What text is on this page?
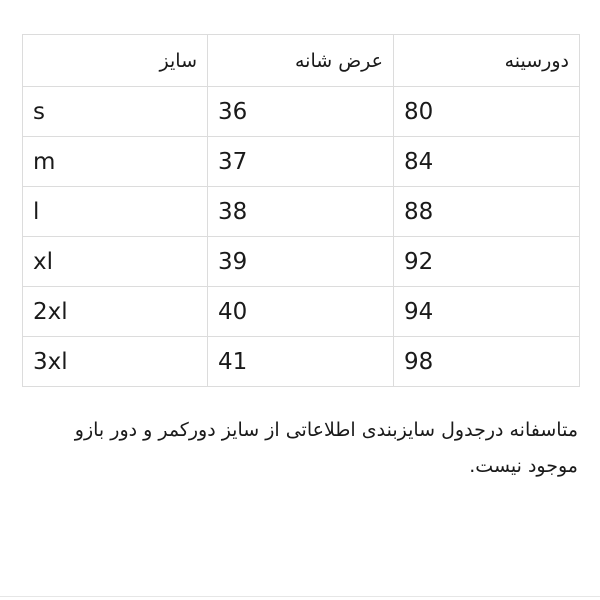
سایز	عرض شانه	دورسینه
s	36	80
m	37	84
l	38	88
xl	39	92
2xl	40	94
3xl	41	98

متاسفانه درجدول سایزبندی اطلاعاتی از سایز دورکمر و دور بازو موجود نیست.
